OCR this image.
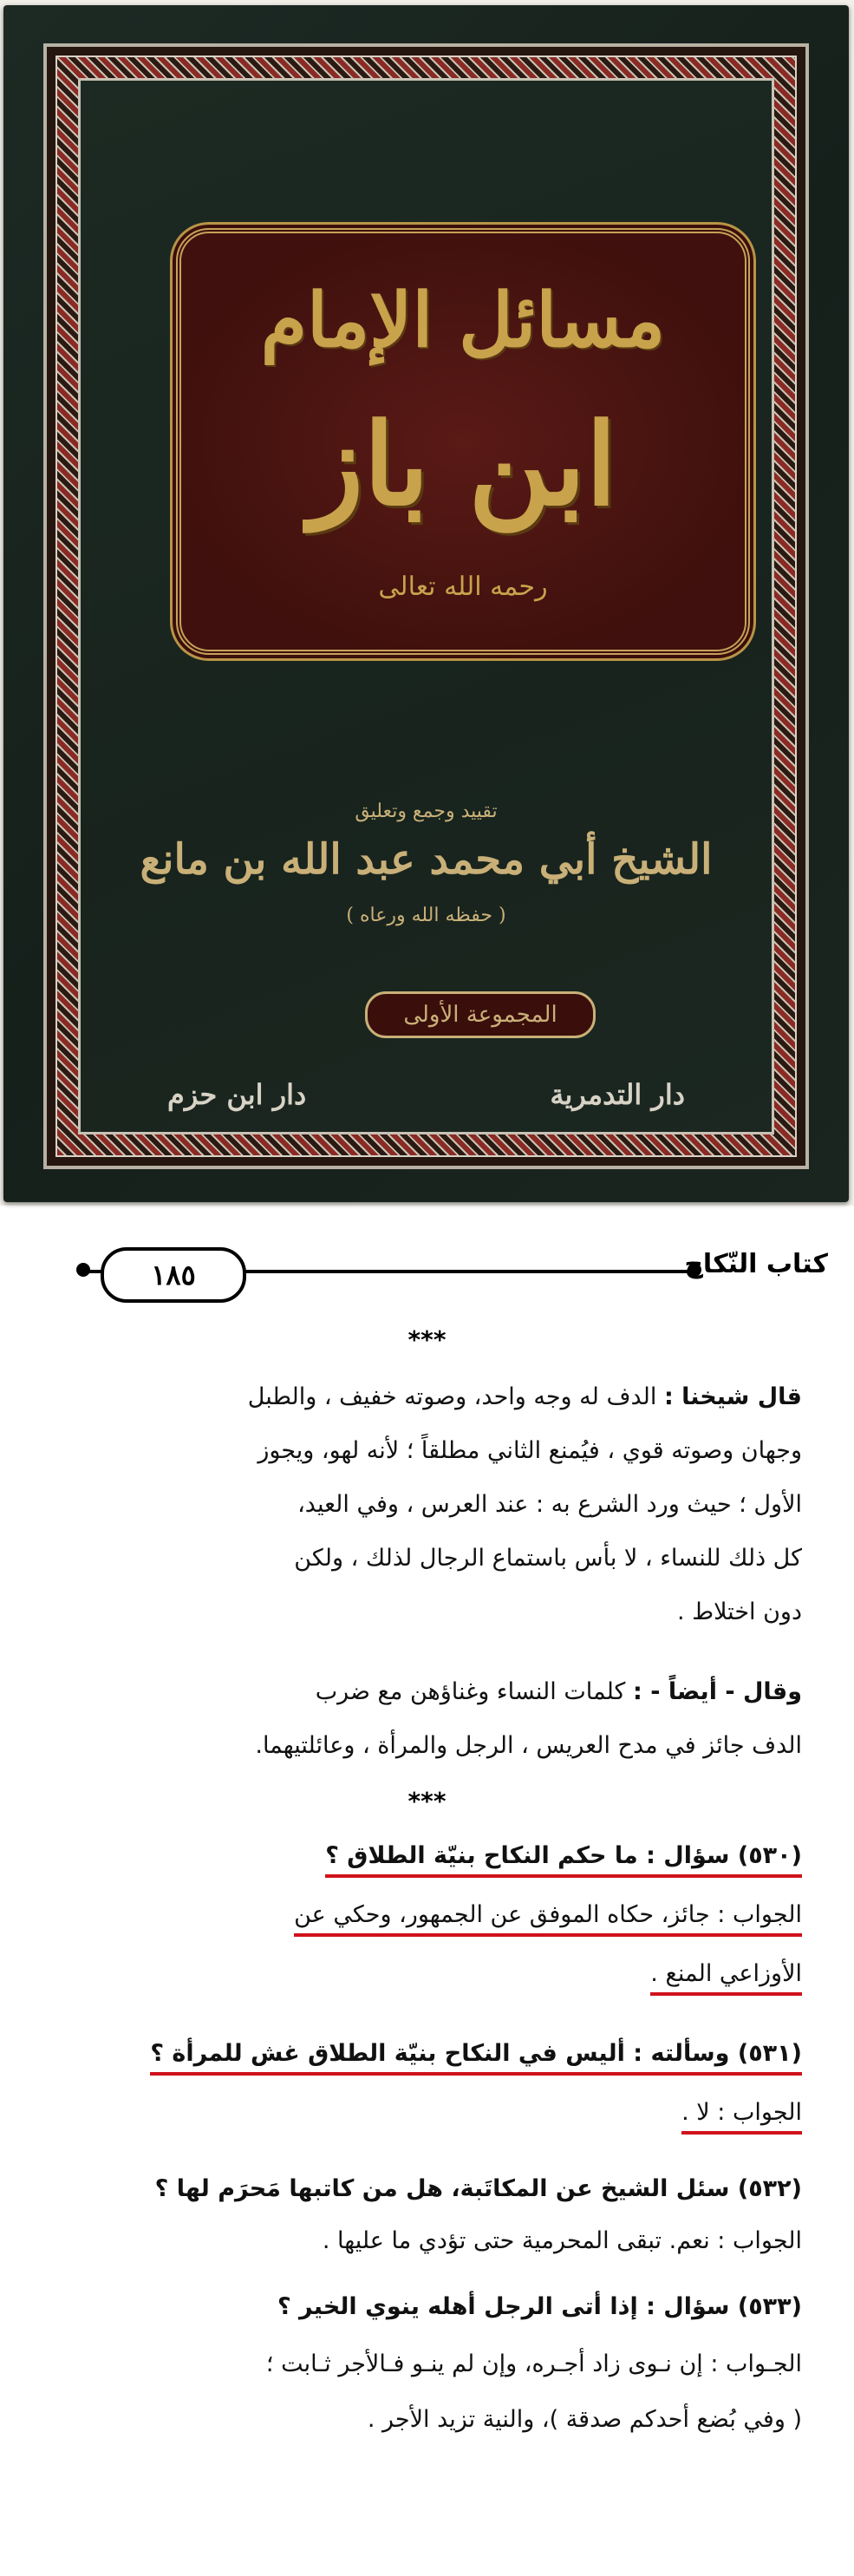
مسائل الإمام
ابن باز
رحمه الله تعالى
تقييد وجمع وتعليق
الشيخ أبي محمد عبد الله بن مانع
( حفظه الله ورعاه )
المجموعة الأولى
دار التدمرية
دار ابن حزم
١٨٥	كتاب النّكاح
***
قال شيخنا : الدف له وجه واحد، وصوته خفيف ، والطبل
وجهان وصوته قوي ، فيُمنع الثاني مطلقاً ؛ لأنه لهو، ويجوز
الأول ؛ حيث ورد الشرع به : عند العرس ، وفي العيد،
كل ذلك للنساء ، لا بأس باستماع الرجال لذلك ، ولكن
دون اختلاط .
وقال - أيضاً - : كلمات النساء وغناؤهن مع ضرب
الدف جائز في مدح العريس ، الرجل والمرأة ، وعائلتيهما.
***
(٥٣٠) سؤال : ما حكم النكاح بنيّة الطلاق ؟
الجواب : جائز، حكاه الموفق عن الجمهور، وحكي عن
الأوزاعي المنع .
(٥٣١) وسألته : أليس في النكاح بنيّة الطلاق غش للمرأة ؟
الجواب : لا .
(٥٣٢) سئل الشيخ عن المكاتَبة، هل من كاتبها مَحرَم لها ؟
الجواب : نعم. تبقى المحرمية حتى تؤدي ما عليها .
(٥٣٣) سؤال : إذا أتى الرجل أهله ينوي الخير ؟
الجـواب : إن نـوى زاد أجـره، وإن لم ينـو فـالأجر ثـابت ؛
( وفي بُضع أحدكم صدقة )، والنية تزيد الأجر .
